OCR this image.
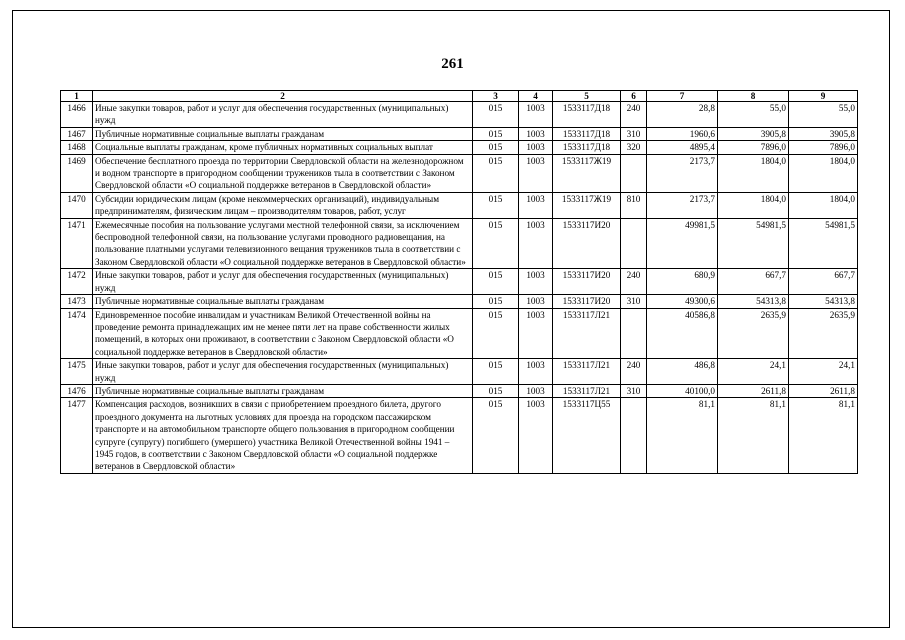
261
1	2	3	4	5	6	7	8	9
1466	Иные закупки товаров, работ и услуг для обеспечения государственных (муниципальных) нужд	015	1003	1533117Д18	240	28,8	55,0	55,0
1467	Публичные нормативные социальные выплаты гражданам	015	1003	1533117Д18	310	1960,6	3905,8	3905,8
1468	Социальные выплаты гражданам, кроме публичных нормативных социальных выплат	015	1003	1533117Д18	320	4895,4	7896,0	7896,0
1469	Обеспечение бесплатного проезда по территории Свердловской области на железнодорожном и водном транспорте в пригородном сообщении тружеников тыла в соответствии с Законом Свердловской области «О социальной поддержке ветеранов в Свердловской области»	015	1003	1533117Ж19		2173,7	1804,0	1804,0
1470	Субсидии юридическим лицам (кроме некоммерческих организаций), индивидуальным предпринимателям, физическим лицам – производителям товаров, работ, услуг	015	1003	1533117Ж19	810	2173,7	1804,0	1804,0
1471	Ежемесячные пособия на пользование услугами местной телефонной связи, за исключением беспроводной телефонной связи, на пользование услугами проводного радиовещания, на пользование платными услугами телевизионного вещания тружеников тыла в соответствии с Законом Свердловской области «О социальной поддержке ветеранов в Свердловской области»	015	1003	1533117И20		49981,5	54981,5	54981,5
1472	Иные закупки товаров, работ и услуг для обеспечения государственных (муниципальных) нужд	015	1003	1533117И20	240	680,9	667,7	667,7
1473	Публичные нормативные социальные выплаты гражданам	015	1003	1533117И20	310	49300,6	54313,8	54313,8
1474	Единовременное пособие инвалидам и участникам Великой Отечественной войны на проведение ремонта принадлежащих им не менее пяти лет на праве собственности жилых помещений, в которых они проживают, в соответствии с Законом Свердловской области «О социальной поддержке ветеранов в Свердловской области»	015	1003	1533117Л21		40586,8	2635,9	2635,9
1475	Иные закупки товаров, работ и услуг для обеспечения государственных (муниципальных) нужд	015	1003	1533117Л21	240	486,8	24,1	24,1
1476	Публичные нормативные социальные выплаты гражданам	015	1003	1533117Л21	310	40100,0	2611,8	2611,8
1477	Компенсация расходов, возникших в связи с приобретением проездного билета, другого проездного документа на льготных условиях для проезда на городском пассажирском транспорте и на автомобильном транспорте общего пользования в пригородном сообщении супруге (супругу) погибшего (умершего) участника Великой Отечественной войны 1941 – 1945 годов, в соответствии с Законом Свердловской области «О социальной поддержке ветеранов в Свердловской области»	015	1003	1533117Ц55		81,1	81,1	81,1
